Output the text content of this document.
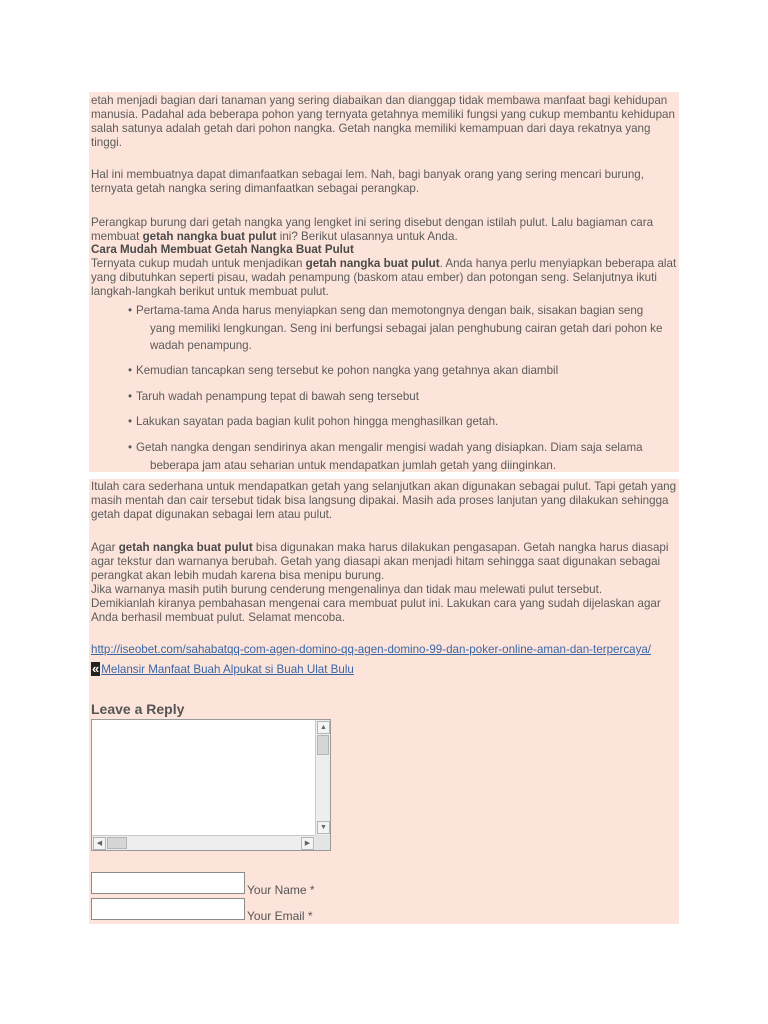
etah menjadi bagian dari tanaman yang sering diabaikan dan dianggap tidak membawa manfaat bagi kehidupan manusia. Padahal ada beberapa pohon yang ternyata getahnya memiliki fungsi yang cukup membantu kehidupan salah satunya adalah getah dari pohon nangka. Getah nangka memiliki kemampuan dari daya rekatnya yang tinggi.

Hal ini membuatnya dapat dimanfaatkan sebagai lem. Nah, bagi banyak orang yang sering mencari burung, ternyata getah nangka sering dimanfaatkan sebagai perangkap.

Perangkap burung dari getah nangka yang lengket ini sering disebut dengan istilah pulut. Lalu bagiaman cara membuat getah nangka buat pulut ini? Berikut ulasannya untuk Anda.

Cara Mudah Membuat Getah Nangka Buat Pulut

Ternyata cukup mudah untuk menjadikan getah nangka buat pulut. Anda hanya perlu menyiapkan beberapa alat yang dibutuhkan seperti pisau, wadah penampung (baskom atau ember) dan potongan seng. Selanjutnya ikuti langkah-langkah berikut untuk membuat pulut.

• Pertama-tama Anda harus menyiapkan seng dan memotongnya dengan baik, sisakan bagian seng
yang memiliki lengkungan. Seng ini berfungsi sebagai jalan penghubung cairan getah dari pohon ke
wadah penampung.
• Kemudian tancapkan seng tersebut ke pohon nangka yang getahnya akan diambil
• Taruh wadah penampung tepat di bawah seng tersebut
• Lakukan sayatan pada bagian kulit pohon hingga menghasilkan getah.
• Getah nangka dengan sendirinya akan mengalir mengisi wadah yang disiapkan. Diam saja selama
beberapa jam atau seharian untuk mendapatkan jumlah getah yang diinginkan.

Itulah cara sederhana untuk mendapatkan getah yang selanjutkan akan digunakan sebagai pulut. Tapi getah yang masih mentah dan cair tersebut tidak bisa langsung dipakai. Masih ada proses lanjutan yang dilakukan sehingga getah dapat digunakan sebagai lem atau pulut.

Agar getah nangka buat pulut bisa digunakan maka harus dilakukan pengasapan. Getah nangka harus diasapi agar tekstur dan warnanya berubah. Getah yang diasapi akan menjadi hitam sehingga saat digunakan sebagai perangkat akan lebih mudah karena bisa menipu burung.

Jika warnanya masih putih burung cenderung mengenalinya dan tidak mau melewati pulut tersebut.

Demikianlah kiranya pembahasan mengenai cara membuat pulut ini. Lakukan cara yang sudah dijelaskan agar Anda berhasil membuat pulut. Selamat mencoba.

http://iseobet.com/sahabatqq-com-agen-domino-qq-agen-domino-99-dan-poker-online-aman-dan-terpercaya/

« Melansir Manfaat Buah Alpukat si Buah Ulat Bulu

Leave a Reply
▲
▼
◀	▶
Your Name *
Your Email *
